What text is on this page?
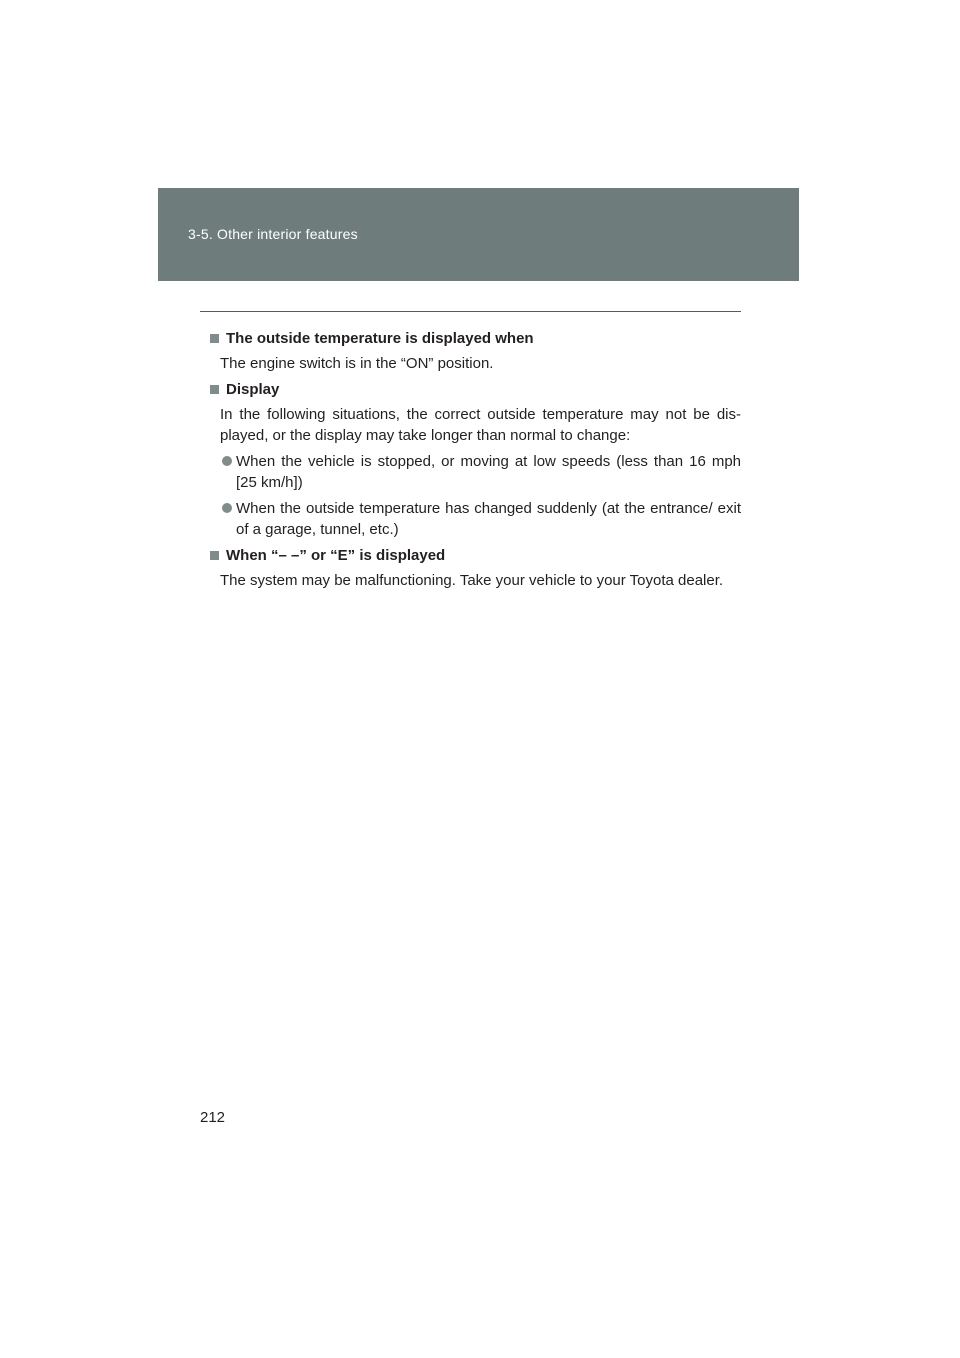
3-5. Other interior features
The outside temperature is displayed when

The engine switch is in the “ON” position.

Display

In the following situations, the correct outside temperature may not be dis-played, or the display may take longer than normal to change:

When the vehicle is stopped, or moving at low speeds (less than 16 mph [25 km/h])
When the outside temperature has changed suddenly (at the entrance/ exit of a garage, tunnel, etc.)
When “– –” or “E” is displayed

The system may be malfunctioning. Take your vehicle to your Toyota dealer.

212
